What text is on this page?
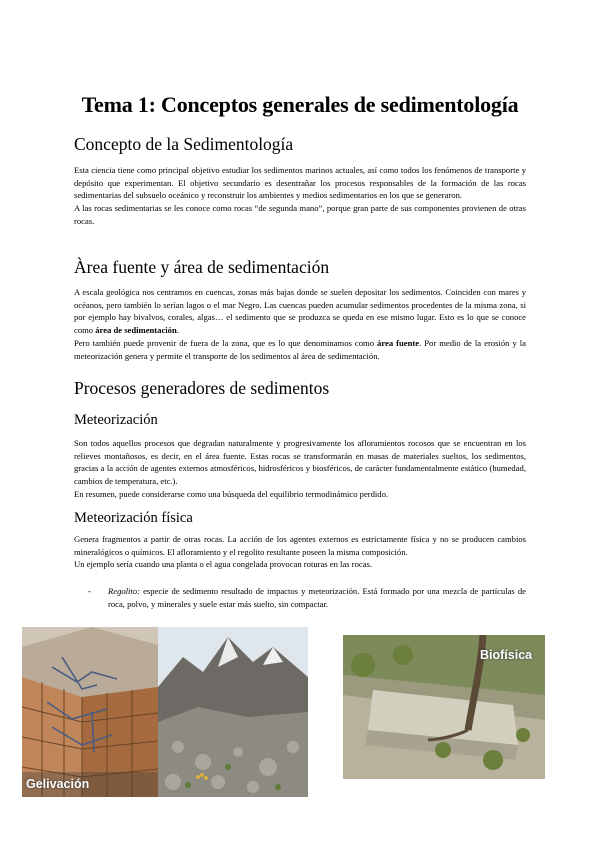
Tema 1: Conceptos generales de sedimentología
Concepto de la Sedimentología

Esta ciencia tiene como principal objetivo estudiar los sedimentos marinos actuales, así como todos los fenómenos de transporte y depósito que experimentan. El objetivo secundario es desentrañar los procesos responsables de la formación de las rocas sedimentarias del subsuelo oceánico y reconstruir los ambientes y medios sedimentarios en los que se generaron.

A las rocas sedimentarias se les conoce como rocas “de segunda mano”, porque gran parte de sus componentes provienen de otras rocas.

Àrea fuente y área de sedimentación

A escala geológica nos centramos en cuencas, zonas más bajas donde se suelen depositar los sedimentos. Coinciden con mares y océanos, pero también lo serían lagos o el mar Negro. Las cuencas pueden acumular sedimentos procedentes de la misma zona, si por ejemplo hay bivalvos, corales, algas… el sedimento que se produzca se queda en ese mismo lugar. Esto es lo que se conoce como área de sedimentación.

Pero también puede provenir de fuera de la zona, que es lo que denominamos como área fuente. Por medio de la erosión y la meteorización genera y permite el transporte de los sedimentos al área de sedimentación.

Procesos generadores de sedimentos
Meteorización

Son todos aquellos procesos que degradan naturalmente y progresivamente los afloramientos rocosos que se encuentran en los relieves montañosos, es decir, en el área fuente. Estas rocas se transformarán en masas de materiales sueltos, los sedimentos, gracias a la acción de agentes externos atmosféricos, hidrosféricos y biosféricos, de carácter fundamentalmente estático (humedad, cambios de temperatura, etc.).

En resumen, puede considerarse como una búsqueda del equilibrio termodinámico perdido.

Meteorización física

Genera fragmentos a partir de otras rocas. La acción de los agentes externos es estrictamente física y no se producen cambios mineralógicos o químicos. El afloramiento y el regolito resultante poseen la misma composición.

Un ejemplo sería cuando una planta o el agua congelada provocan roturas en las rocas.

- Regolito: especie de sedimento resultado de impactos y meteorización. Está formado por una mezcla de partículas de roca, polvo, y minerales y suele estar más suelto, sin compactar.
Gelivación
Biofísica
